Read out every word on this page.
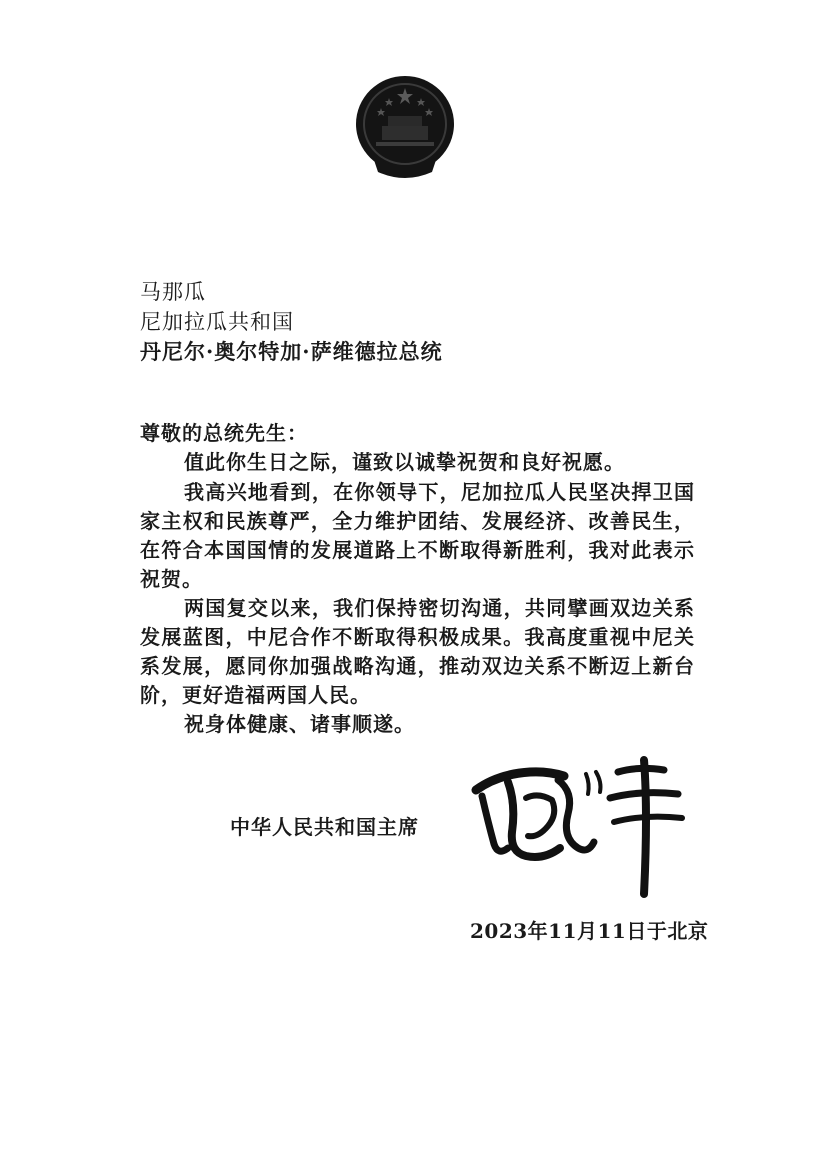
马那瓜
尼加拉瓜共和国
丹尼尔·奥尔特加·萨维德拉总统
尊敬的总统先生：

值此你生日之际，谨致以诚挚祝贺和良好祝愿。

我高兴地看到，在你领导下，尼加拉瓜人民坚决捍卫国家主权和民族尊严，全力维护团结、发展经济、改善民生，在符合本国国情的发展道路上不断取得新胜利，我对此表示祝贺。

两国复交以来，我们保持密切沟通，共同擘画双边关系发展蓝图，中尼合作不断取得积极成果。我高度重视中尼关系发展，愿同你加强战略沟通，推动双边关系不断迈上新台阶，更好造福两国人民。

祝身体健康、诸事顺遂。

中华人民共和国主席
2023年11月11日于北京
